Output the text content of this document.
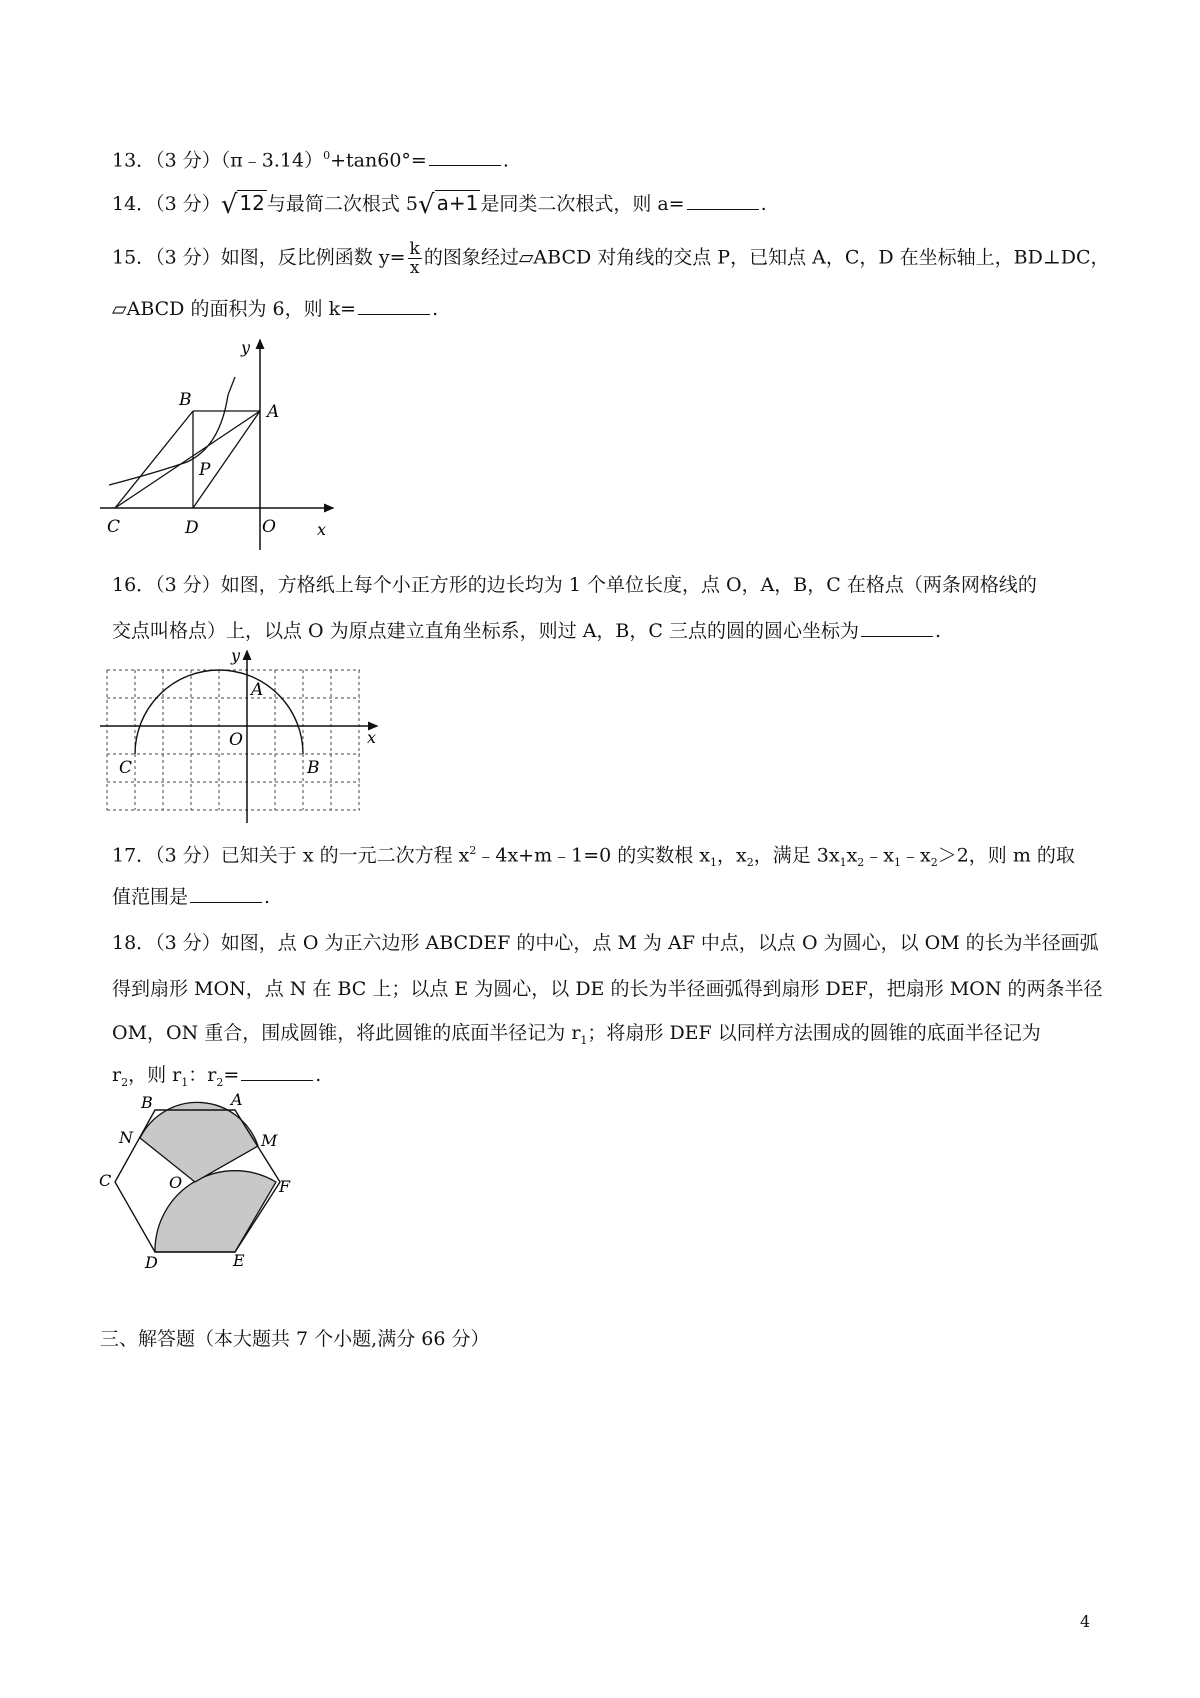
13．（3 分）（π﹣3.14）$^0$+tan60°=	.
14．（3 分）√ 12 与最简二次根式 5√ a+1 是同类二次根式，则 a=	.
15．（3 分）如图，反比例函数 $y= \frac{k}{x}$ 的图象经过▱ABCD 对角线的交点 P，已知点 A，C，D 在坐标轴上，BD⊥DC，
▱ABCD 的面积为 6，则 k=	.
y
x
B
A
P
C	D	O
16．（3 分）如图，方格纸上每个小正方形的边长均为 1 个单位长度，点 O，A，B，C 在格点（两条网格线的
交点叫格点）上，以点 O 为原点建立直角坐标系，则过 A，B，C 三点的圆的圆心坐标为	.
y
x
A
O
C	B
17．（3 分）已知关于 x 的一元二次方程 $x^2﹣4x+m﹣1=0$ 的实数根 $x_1$，$x_2$，满足 $3x_1x_2﹣x_1﹣x_2>2$，则 m 的取
值范围是	.
18．（3 分）如图，点 O 为正六边形 ABCDEF 的中心，点 M 为 AF 中点，以点 O 为圆心，以 OM 的长为半径画弧
得到扇形 MON，点 N 在 BC 上；以点 E 为圆心，以 DE 的长为半径画弧得到扇形 DEF，把扇形 MON 的两条半径
OM，ON 重合，围成圆锥，将此圆锥的底面半径记为 $r_1$；将扇形 DEF 以同样方法围成的圆锥的底面半径记为
$r_2$，则 $r_1$：$r_2=$	.
B	A
N	M
C	O	F
D	E
三、解答题（本大题共 7 个小题,满分 66 分）
4
